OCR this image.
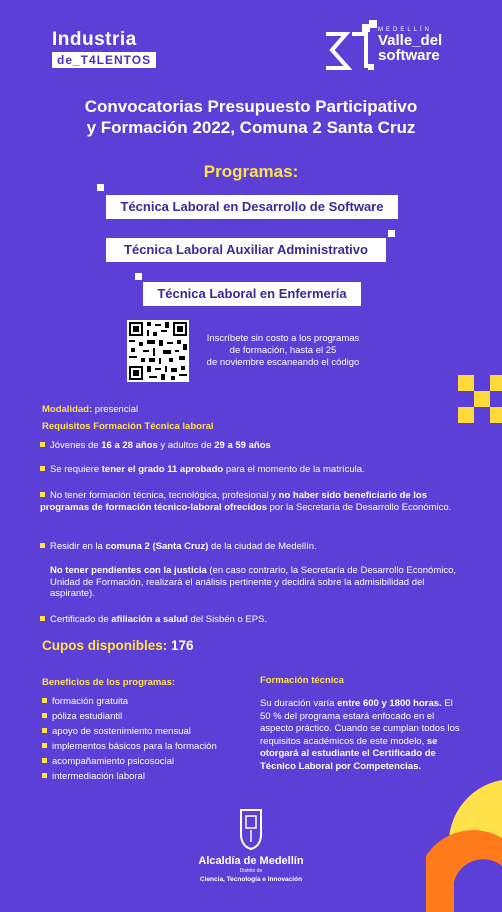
Industria
de_T4LENTOS
MEDELLÍN
Valle_del
software
Convocatorias Presupuesto Participativo
y Formación 2022, Comuna 2 Santa Cruz
Programas:
Técnica Laboral en Desarrollo de Software
Técnica Laboral Auxiliar Administrativo
Técnica Laboral en Enfermería
Inscríbete sin costo a los programas
de formación, hasta el 25
de noviembre escaneando el código
Modalidad: presencial
Requisitos Formación Técnica laboral
Jóvenes de 16 a 28 años y adultos de 29 a 59 años
Se requiere tener el grado 11 aprobado para el momento de la matrícula.
No tener formación técnica, tecnológica, profesional y no haber sido beneficiario de los programas de formación técnico-laboral ofrecidos por la Secretaría de Desarrollo Económico.
Residir en la comuna 2 (Santa Cruz) de la ciudad de Medellín.
No tener pendientes con la justicia (en caso contrario, la Secretaría de Desarrollo Económico, Unidad de Formación, realizará el análisis pertinente y decidirá sobre la admisibilidad del aspirante).
Certificado de afiliación a salud del Sisbén o EPS.
Cupos disponibles: 176
Beneficios de los programas:
formación gratuita
póliza estudiantil
apoyo de sostenimiento mensual
implementos básicos para la formación
acompañamiento psicosocial
intermediación laboral
Formación técnica
Su duración varía entre 600 y 1800 horas. El 50 % del programa estará enfocado en el aspecto práctico. Cuando se cumplan todos los requisitos académicos de este modelo, se otorgará al estudiante el Certificado de Técnico Laboral por Competencias.
Alcaldía de Medellín
Distrito de
Ciencia, Tecnología e Innovación
